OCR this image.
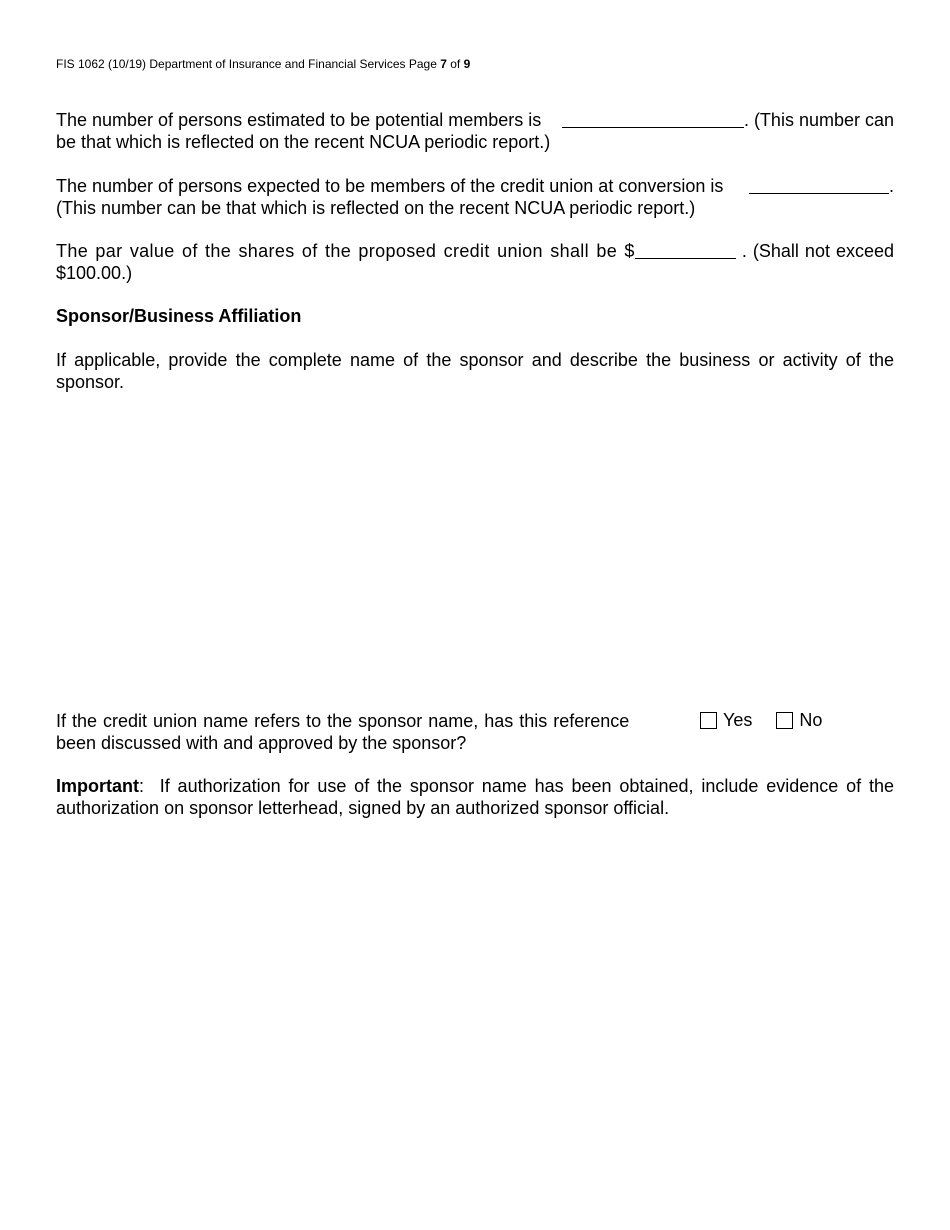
FIS 1062 (10/19) Department of Insurance and Financial Services Page 7 of 9
The number of persons estimated to be potential members is	. (This number can
be that which is reflected on the recent NCUA periodic report.)
The number of persons expected to be members of the credit union at conversion is	.
(This number can be that which is reflected on the recent NCUA periodic report.)
The par value of the shares of the proposed credit union shall be $	. (Shall not exceed
$100.00.)
Sponsor/Business Affiliation
If applicable, provide the complete name of the sponsor and describe the business or activity of the sponsor.
If the credit union name refers to the sponsor name, has this reference
been discussed with and approved by the sponsor?
Yes	No
Important:  If authorization for use of the sponsor name has been obtained, include evidence of the authorization on sponsor letterhead, signed by an authorized sponsor official.
